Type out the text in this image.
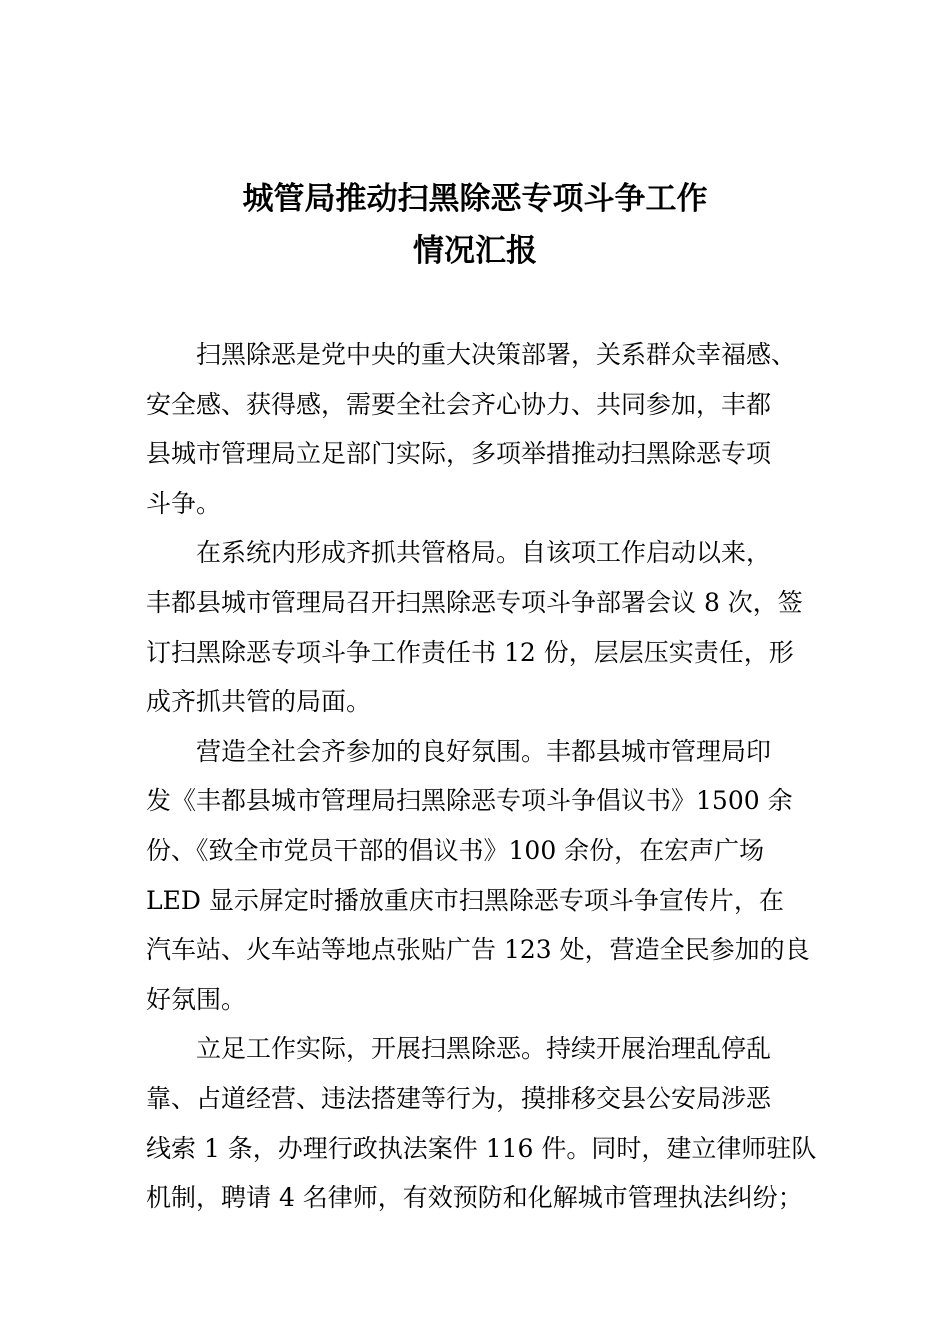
城管局推动扫黑除恶专项斗争工作
情况汇报
扫黑除恶是党中央的重大决策部署，关系群众幸福感、
安全感、获得感，需要全社会齐心协力、共同参加，丰都
县城市管理局立足部门实际，多项举措推动扫黑除恶专项
斗争。
在系统内形成齐抓共管格局。自该项工作启动以来，
丰都县城市管理局召开扫黑除恶专项斗争部署会议 8 次，签
订扫黑除恶专项斗争工作责任书 12 份，层层压实责任，形
成齐抓共管的局面。
营造全社会齐参加的良好氛围。丰都县城市管理局印
发《丰都县城市管理局扫黑除恶专项斗争倡议书》1500 余
份、《致全市党员干部的倡议书》100 余份，在宏声广场
LED 显示屏定时播放重庆市扫黑除恶专项斗争宣传片，在
汽车站、火车站等地点张贴广告 123 处，营造全民参加的良
好氛围。
立足工作实际，开展扫黑除恶。持续开展治理乱停乱
靠、占道经营、违法搭建等行为，摸排移交县公安局涉恶
线索 1 条，办理行政执法案件 116 件。同时，建立律师驻队
机制，聘请 4 名律师，有效预防和化解城市管理执法纠纷；
